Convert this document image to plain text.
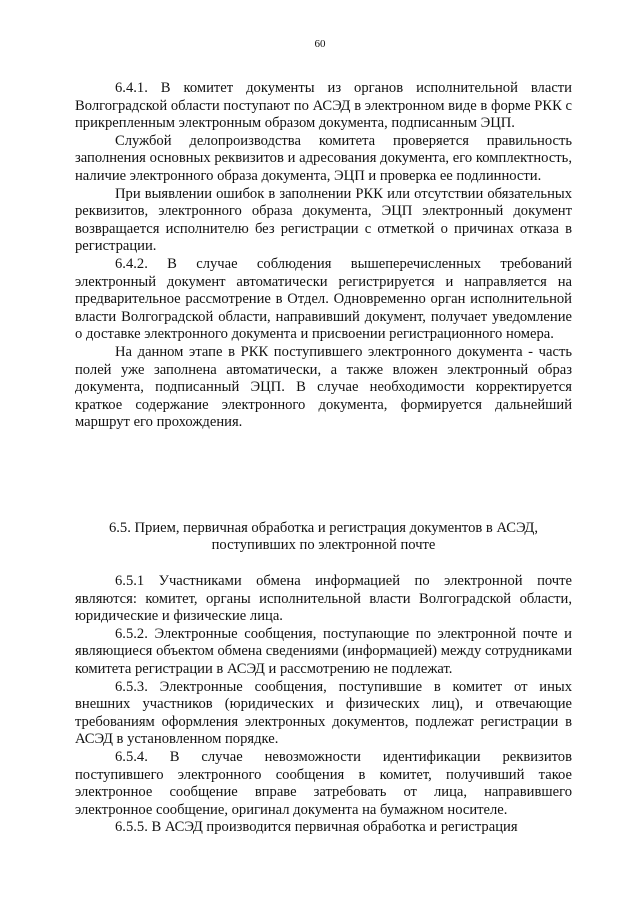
60

6.4.1. В комитет документы из органов исполнительной власти Волгоградской области поступают по АСЭД в электронном виде в форме РКК с прикрепленным электронным образом документа, подписанным ЭЦП.

Службой делопроизводства комитета проверяется правильность заполнения основных реквизитов и адресования документа, его комплектность, наличие электронного образа документа, ЭЦП и проверка ее подлинности.

При выявлении ошибок в заполнении РКК или отсутствии обязательных реквизитов, электронного образа документа, ЭЦП электронный документ возвращается исполнителю без регистрации с отметкой о причинах отказа в регистрации.

6.4.2. В случае соблюдения вышеперечисленных требований электронный документ автоматически регистрируется и направляется на предварительное рассмотрение в Отдел. Одновременно орган исполнительной власти Волгоградской области, направивший документ, получает уведомление о доставке электронного документа и присвоении регистрационного номера.

На данном этапе в РКК поступившего электронного документа - часть полей уже заполнена автоматически, а также вложен электронный образ документа, подписанный ЭЦП. В случае необходимости корректируется краткое содержание электронного документа, формируется дальнейший маршрут его прохождения.

6.5. Прием, первичная обработка и регистрация документов в АСЭД,
поступивших по электронной почте

6.5.1 Участниками обмена информацией по электронной почте являются: комитет, органы исполнительной власти Волгоградской области, юридические и физические лица.

6.5.2. Электронные сообщения, поступающие по электронной почте и являющиеся объектом обмена сведениями (информацией) между сотрудниками комитета регистрации в АСЭД и рассмотрению не подлежат.

6.5.3. Электронные сообщения, поступившие в комитет от иных внешних участников (юридических и физических лиц), и отвечающие требованиям оформления электронных документов, подлежат регистрации в АСЭД в установленном порядке.

6.5.4. В случае невозможности идентификации реквизитов поступившего электронного сообщения в комитет, получивший такое электронное сообщение вправе затребовать от лица, направившего электронное сообщение, оригинал документа на бумажном носителе.

6.5.5. В АСЭД производится первичная обработка и регистрация
